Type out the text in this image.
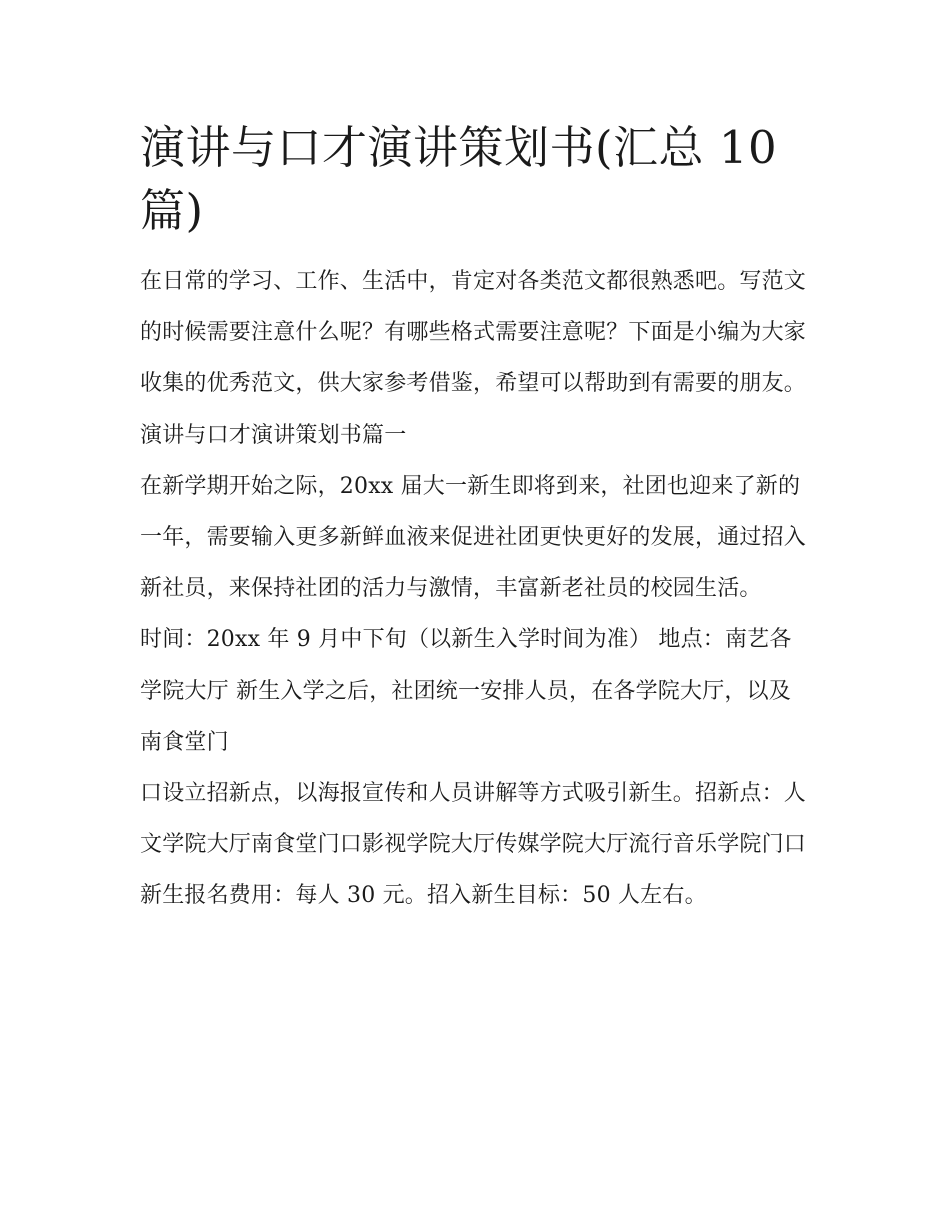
演讲与口才演讲策划书(汇总 10 篇)

在日常的学习、工作、生活中，肯定对各类范文都很熟悉吧。写范文的时候需要注意什么呢？有哪些格式需要注意呢？下面是小编为大家收集的优秀范文，供大家参考借鉴，希望可以帮助到有需要的朋友。

演讲与口才演讲策划书篇一

在新学期开始之际，20xx 届大一新生即将到来，社团也迎来了新的一年，需要输入更多新鲜血液来促进社团更快更好的发展，通过招入新社员，来保持社团的活力与激情，丰富新老社员的校园生活。

时间：20xx 年 9 月中下旬（以新生入学时间为准） 地点：南艺各学院大厅 新生入学之后，社团统一安排人员，在各学院大厅，以及南食堂门

口设立招新点，以海报宣传和人员讲解等方式吸引新生。招新点：人文学院大厅南食堂门口影视学院大厅传媒学院大厅流行音乐学院门口新生报名费用：每人 30 元。招入新生目标：50 人左右。
